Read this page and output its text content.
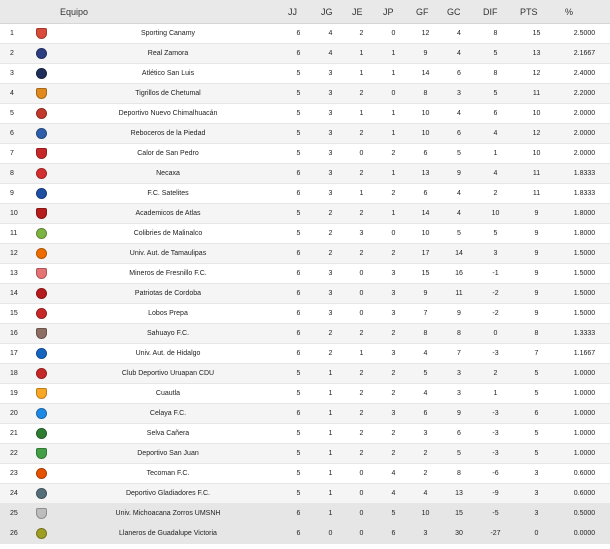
		Equipo	JJ	JG	JE	JP	GF	GC	DIF	PTS	%
1		Sporting Canamy	6	4	2	0	12	4	8	15	2.5000
2		Real Zamora	6	4	1	1	9	4	5	13	2.1667
3		Atlético San Luis	5	3	1	1	14	6	8	12	2.4000
4		Tigrillos de Chetumal	5	3	2	0	8	3	5	11	2.2000
5		Deportivo Nuevo Chimalhuacán	5	3	1	1	10	4	6	10	2.0000
6		Reboceros de la Piedad	5	3	2	1	10	6	4	12	2.0000
7		Calor de San Pedro	5	3	0	2	6	5	1	10	2.0000
8		Necaxa	6	3	2	1	13	9	4	11	1.8333
9		F.C. Satelites	6	3	1	2	6	4	2	11	1.8333
10		Academicos de Atlas	5	2	2	1	14	4	10	9	1.8000
11		Colibries de Malinalco	5	2	3	0	10	5	5	9	1.8000
12		Univ. Aut. de Tamaulipas	6	2	2	2	17	14	3	9	1.5000
13		Mineros de Fresnillo F.C.	6	3	0	3	15	16	-1	9	1.5000
14		Patriotas de Cordoba	6	3	0	3	9	11	-2	9	1.5000
15		Lobos Prepa	6	3	0	3	7	9	-2	9	1.5000
16		Sahuayo F.C.	6	2	2	2	8	8	0	8	1.3333
17		Univ. Aut. de Hidalgo	6	2	1	3	4	7	-3	7	1.1667
18		Club Deportivo Uruapan CDU	5	1	2	2	5	3	2	5	1.0000
19		Cuautla	5	1	2	2	4	3	1	5	1.0000
20		Celaya F.C.	6	1	2	3	6	9	-3	6	1.0000
21		Selva Cañera	5	1	2	2	3	6	-3	5	1.0000
22		Deportivo San Juan	5	1	2	2	2	5	-3	5	1.0000
23		Tecoman F.C.	5	1	0	4	2	8	-6	3	0.6000
24		Deportivo Gladiadores F.C.	5	1	0	4	4	13	-9	3	0.6000
25		Univ. Michoacana Zorros UMSNH	6	1	0	5	10	15	-5	3	0.5000
26		Llaneros de Guadalupe Victoria	6	0	0	6	3	30	-27	0	0.0000
